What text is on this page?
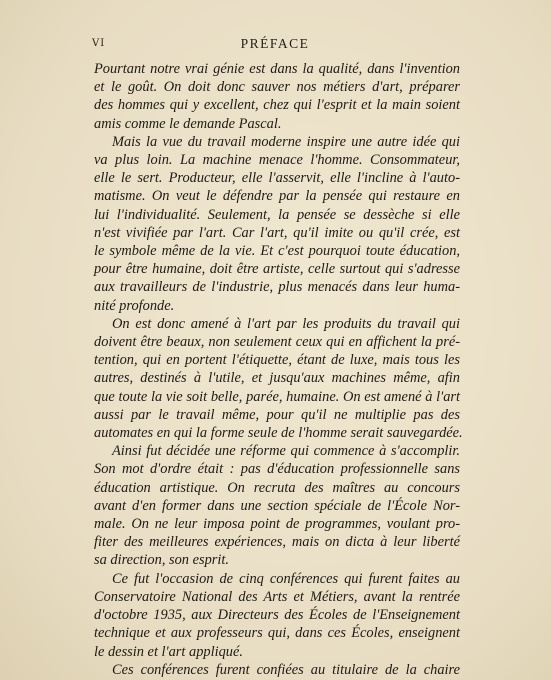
VI	PRÉFACE
Pourtant notre vrai génie est dans la qualité, dans l'invention
et le goût. On doit donc sauver nos métiers d'art, préparer
des hommes qui y excellent, chez qui l'esprit et la main soient
amis comme le demande Pascal.
Mais la vue du travail moderne inspire une autre idée qui
va plus loin. La machine menace l'homme. Consommateur,
elle le sert. Producteur, elle l'asservit, elle l'incline à l'auto-
matisme. On veut le défendre par la pensée qui restaure en
lui l'individualité. Seulement, la pensée se dessèche si elle
n'est vivifiée par l'art. Car l'art, qu'il imite ou qu'il crée, est
le symbole même de la vie. Et c'est pourquoi toute éducation,
pour être humaine, doit être artiste, celle surtout qui s'adresse
aux travailleurs de l'industrie, plus menacés dans leur huma-
nité profonde.
On est donc amené à l'art par les produits du travail qui
doivent être beaux, non seulement ceux qui en affichent la pré-
tention, qui en portent l'étiquette, étant de luxe, mais tous les
autres, destinés à l'utile, et jusqu'aux machines même, afin
que toute la vie soit belle, parée, humaine. On est amené à l'art
aussi par le travail même, pour qu'il ne multiplie pas des
automates en qui la forme seule de l'homme serait sauvegardée.
Ainsi fut décidée une réforme qui commence à s'accomplir.
Son mot d'ordre était : pas d'éducation professionnelle sans
éducation artistique. On recruta des maîtres au concours
avant d'en former dans une section spéciale de l'École Nor-
male. On ne leur imposa point de programmes, voulant pro-
fiter des meilleures expériences, mais on dicta à leur liberté
sa direction, son esprit.
Ce fut l'occasion de cinq conférences qui furent faites au
Conservatoire National des Arts et Métiers, avant la rentrée
d'octobre 1935, aux Directeurs des Écoles de l'Enseignement
technique et aux professeurs qui, dans ces Écoles, enseignent
le dessin et l'art appliqué.
Ces conférences furent confiées au titulaire de la chaire
